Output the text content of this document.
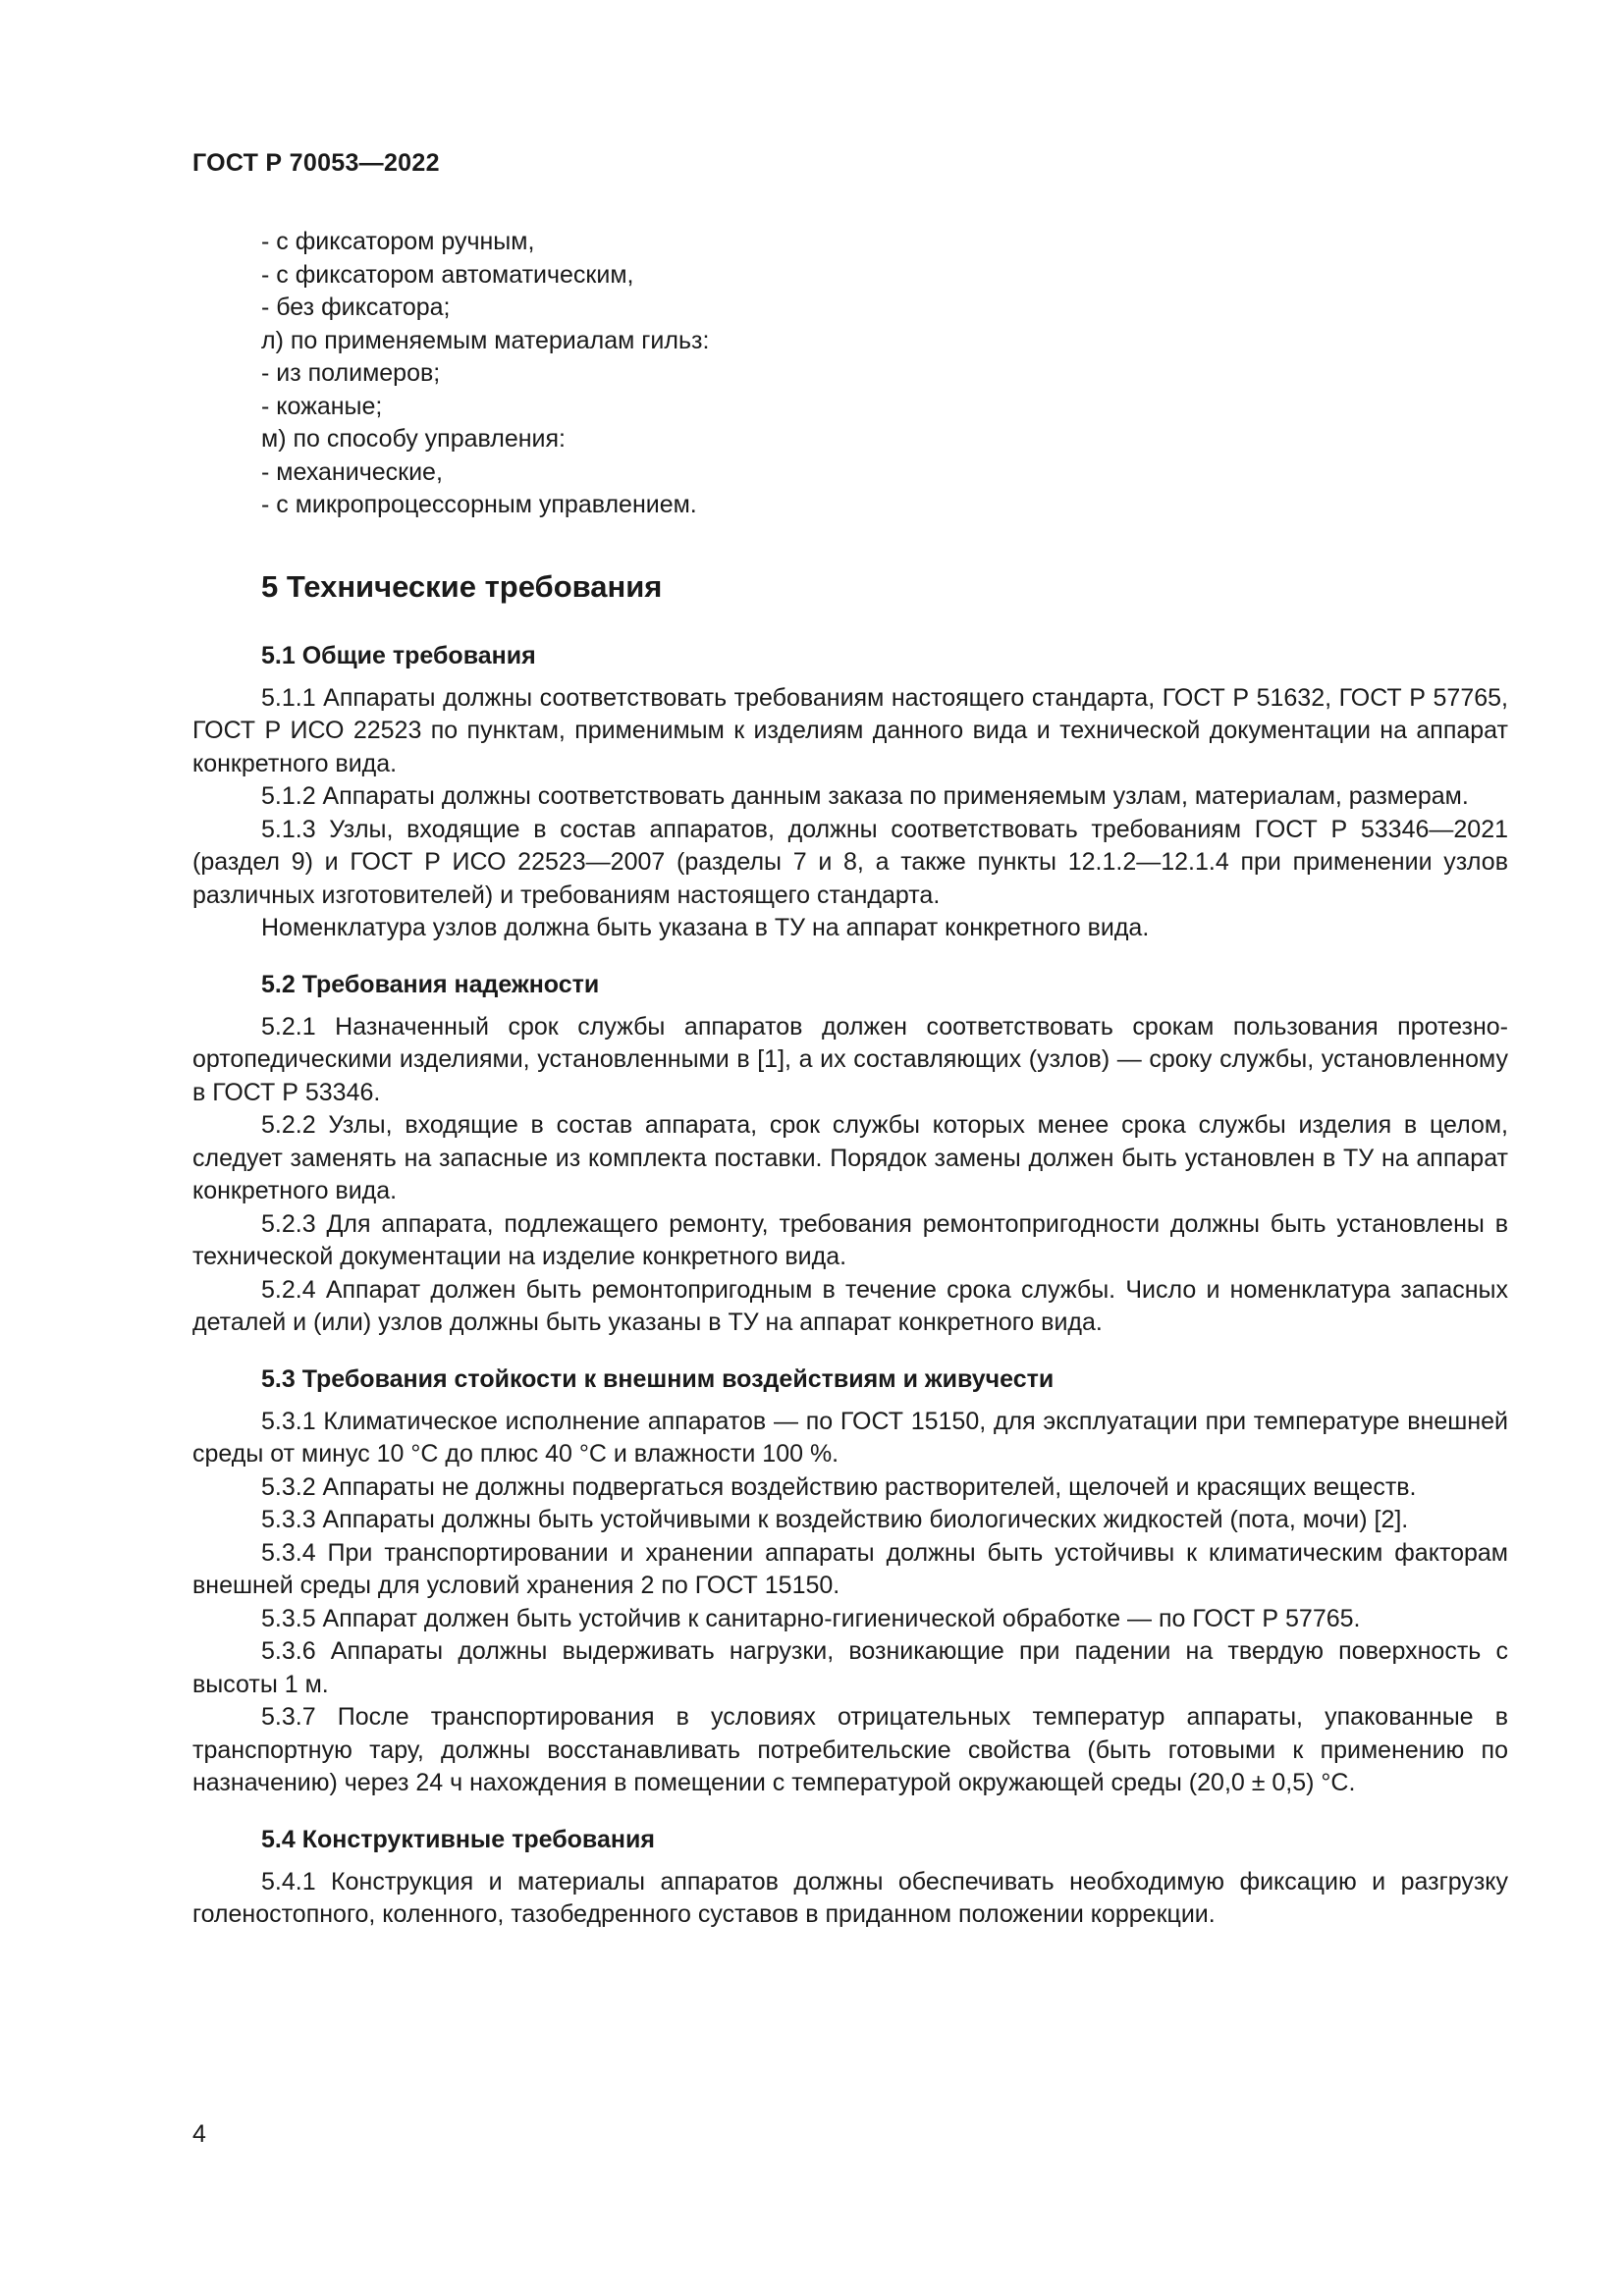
ГОСТ Р 70053—2022

- с фиксатором ручным,

- с фиксатором автоматическим,

- без фиксатора;

л) по применяемым материалам гильз:

- из полимеров;

- кожаные;

м) по способу управления:

- механические,

- с микропроцессорным управлением.

5 Технические требования
5.1 Общие требования

5.1.1 Аппараты должны соответствовать требованиям настоящего стандарта, ГОСТ Р 51632, ГОСТ Р 57765, ГОСТ Р ИСО 22523 по пунктам, применимым к изделиям данного вида и технической документации на аппарат конкретного вида.

5.1.2 Аппараты должны соответствовать данным заказа по применяемым узлам, материалам, размерам.

5.1.3 Узлы, входящие в состав аппаратов, должны соответствовать требованиям ГОСТ Р 53346—2021 (раздел 9) и ГОСТ Р ИСО 22523—2007 (разделы 7 и 8, а также пункты 12.1.2—12.1.4 при применении узлов различных изготовителей) и требованиям настоящего стандарта.

Номенклатура узлов должна быть указана в ТУ на аппарат конкретного вида.

5.2 Требования надежности

5.2.1 Назначенный срок службы аппаратов должен соответствовать срокам пользования протезно-ортопедическими изделиями, установленными в [1], а их составляющих (узлов) — сроку службы, установленному в ГОСТ Р 53346.

5.2.2 Узлы, входящие в состав аппарата, срок службы которых менее срока службы изделия в целом, следует заменять на запасные из комплекта поставки. Порядок замены должен быть установлен в ТУ на аппарат конкретного вида.

5.2.3 Для аппарата, подлежащего ремонту, требования ремонтопригодности должны быть установлены в технической документации на изделие конкретного вида.

5.2.4 Аппарат должен быть ремонтопригодным в течение срока службы. Число и номенклатура запасных деталей и (или) узлов должны быть указаны в ТУ на аппарат конкретного вида.

5.3 Требования стойкости к внешним воздействиям и живучести

5.3.1 Климатическое исполнение аппаратов — по ГОСТ 15150, для эксплуатации при температуре внешней среды от минус 10 °С до плюс 40 °С и влажности 100 %.

5.3.2 Аппараты не должны подвергаться воздействию растворителей, щелочей и красящих веществ.

5.3.3 Аппараты должны быть устойчивыми к воздействию биологических жидкостей (пота, мочи) [2].

5.3.4 При транспортировании и хранении аппараты должны быть устойчивы к климатическим факторам внешней среды для условий хранения 2 по ГОСТ 15150.

5.3.5 Аппарат должен быть устойчив к санитарно-гигиенической обработке — по ГОСТ Р 57765.

5.3.6 Аппараты должны выдерживать нагрузки, возникающие при падении на твердую поверхность с высоты 1 м.

5.3.7 После транспортирования в условиях отрицательных температур аппараты, упакованные в транспортную тару, должны восстанавливать потребительские свойства (быть готовыми к применению по назначению) через 24 ч нахождения в помещении с температурой окружающей среды (20,0 ± 0,5) °С.

5.4 Конструктивные требования

5.4.1 Конструкция и материалы аппаратов должны обеспечивать необходимую фиксацию и разгрузку голеностопного, коленного, тазобедренного суставов в приданном положении коррекции.

4
